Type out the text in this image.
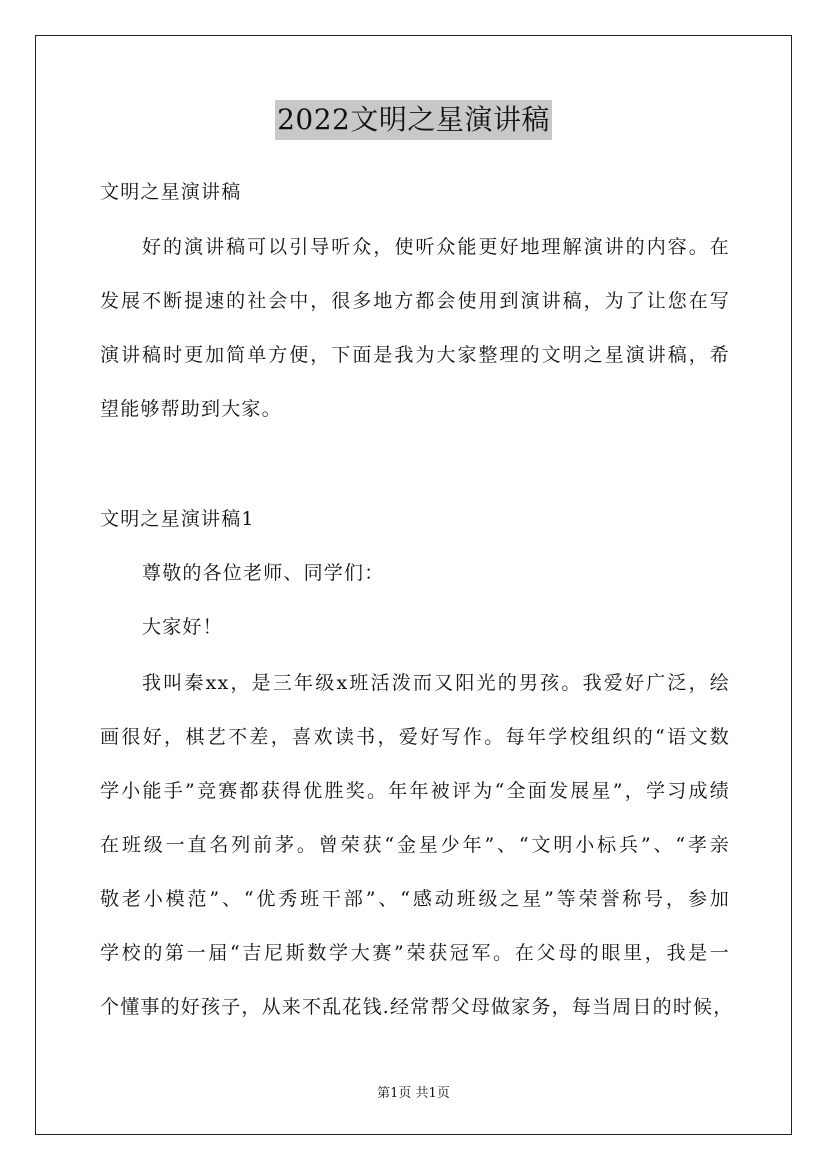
2022文明之星演讲稿
文明之星演讲稿
好的演讲稿可以引导听众，使听众能更好地理解演讲的内容。在
发展不断提速的社会中，很多地方都会使用到演讲稿，为了让您在写
演讲稿时更加简单方便，下面是我为大家整理的文明之星演讲稿，希
望能够帮助到大家。
文明之星演讲稿1
尊敬的各位老师、同学们：
大家好！
我叫秦xx，是三年级x班活泼而又阳光的男孩。我爱好广泛，绘
画很好，棋艺不差，喜欢读书，爱好写作。每年学校组织的“语文数
学小能手”竞赛都获得优胜奖。年年被评为“全面发展星”，学习成绩
在班级一直名列前茅。曾荣获“金星少年”、“文明小标兵”、“孝亲
敬老小模范”、“优秀班干部”、“感动班级之星”等荣誉称号，参加
学校的第一届“吉尼斯数学大赛”荣获冠军。在父母的眼里，我是一
个懂事的好孩子，从来不乱花钱.经常帮父母做家务，每当周日的时候，
第1页 共1页
